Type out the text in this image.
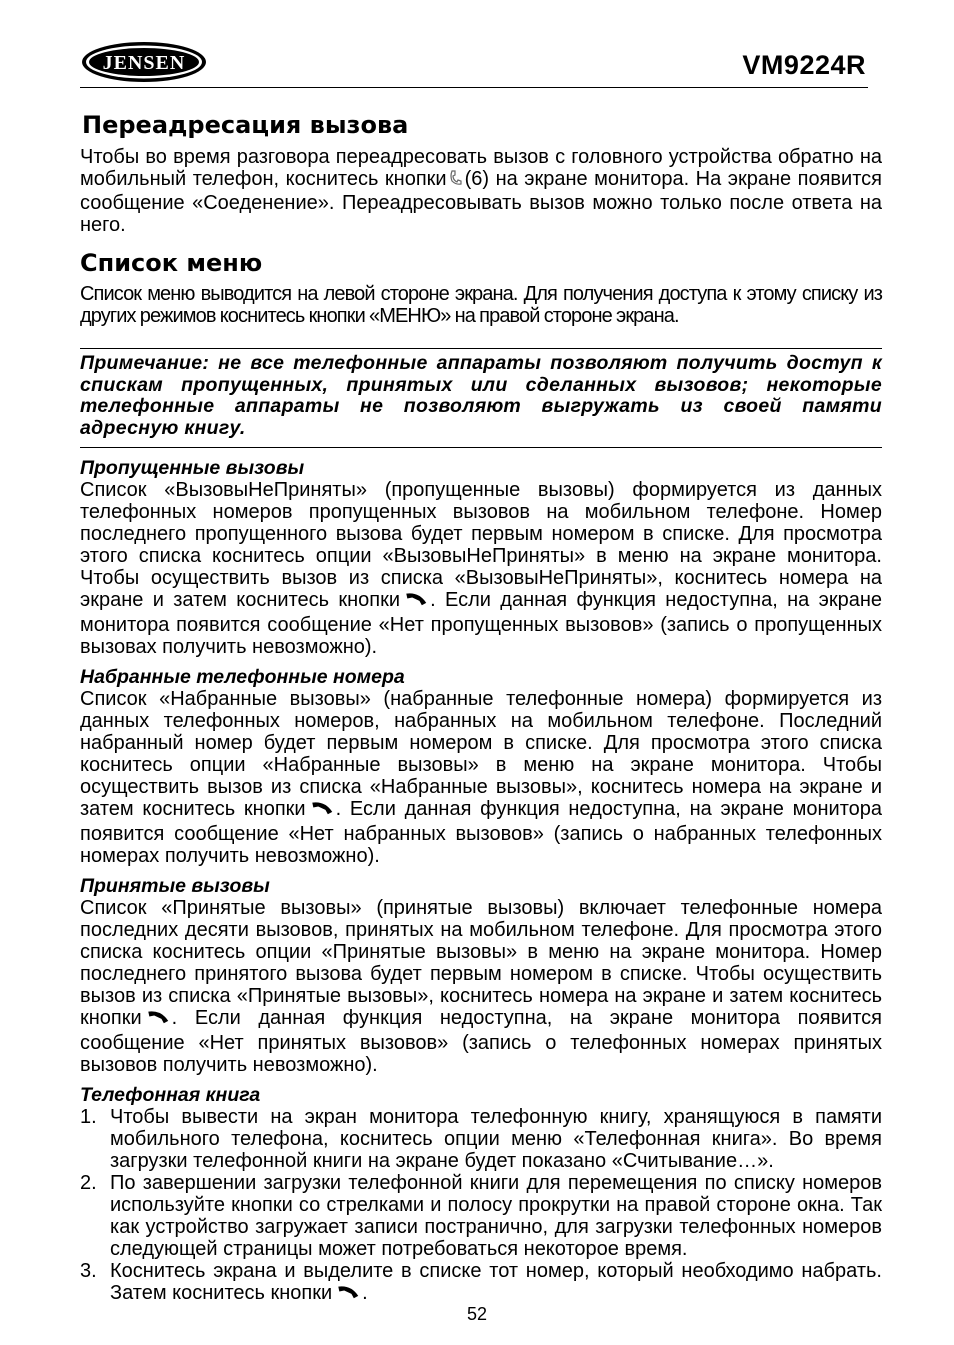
JENSEN	VM9224R
Переадресация вызова

Чтобы во время разговора переадресовать вызов с головного устройства обратно на мобильный телефон, коснитесь кнопки (6) на экране монитора. На экране появится сообщение «Соеденение». Переадресовывать вызов можно только после ответа на него.

Список меню

Список меню выводится на левой стороне экрана. Для получения доступа к этому списку из других режимов коснитесь кнопки «МЕНЮ» на правой стороне экрана.

Примечание: не все телефонные аппараты позволяют получить доступ к спискам пропущенных, принятых или сделанных вызовов; некоторые телефонные аппараты не позволяют выгружать из своей памяти адресную книгу.
Пропущенные вызовы

Список «ВызовыНеПриняты» (пропущенные вызовы) формируется из данных телефонных номеров пропущенных вызовов на мобильном телефоне. Номер последнего пропущенного вызова будет первым номером в списке. Для просмотра этого списка коснитесь опции «ВызовыНеПриняты» в меню на экране монитора. Чтобы осуществить вызов из списка «ВызовыНеПриняты», коснитесь номера на экране и затем коснитесь кнопки . Если данная функция недоступна, на экране монитора появится сообщение «Нет пропущенных вызовов» (запись о пропущенных вызовах получить невозможно).

Набранные телефонные номера

Список «Набранные вызовы» (набранные телефонные номера) формируется из данных телефонных номеров, набранных на мобильном телефоне. Последний набранный номер будет первым номером в списке. Для просмотра этого списка коснитесь опции «Набранные вызовы» в меню на экране монитора. Чтобы осуществить вызов из списка «Набранные вызовы», коснитесь номера на экране и затем коснитесь кнопки . Если данная функция недоступна, на экране монитора появится сообщение «Нет набранных вызовов» (запись о набранных телефонных номерах получить невозможно).

Принятые вызовы

Список «Принятые вызовы» (принятые вызовы) включает телефонные номера последних десяти вызовов, принятых на мобильном телефоне. Для просмотра этого списка коснитесь опции «Принятые вызовы» в меню на экране монитора. Номер последнего принятого вызова будет первым номером в списке. Чтобы осуществить вызов из списка «Принятые вызовы», коснитесь номера на экране и затем коснитесь кнопки . Если данная функция недоступна, на экране монитора появится сообщение «Нет принятых вызовов» (запись о телефонных номерах принятых вызовов получить невозможно).

Телефонная книга
1. Чтобы вывести на экран монитора телефонную книгу, хранящуюся в памяти мобильного телефона, коснитесь опции меню «Телефонная книга». Во время загрузки телефонной книги на экране будет показано «Считывание…».
2. По завершении загрузки телефонной книги для перемещения по списку номеров используйте кнопки со стрелками и полосу прокрутки на правой стороне окна. Так как устройство загружает записи постранично, для загрузки телефонных номеров следующей страницы может потребоваться некоторое время.
3. Коснитесь экрана и выделите в списке тот номер, который необходимо набрать. Затем коснитесь кнопки .
52
